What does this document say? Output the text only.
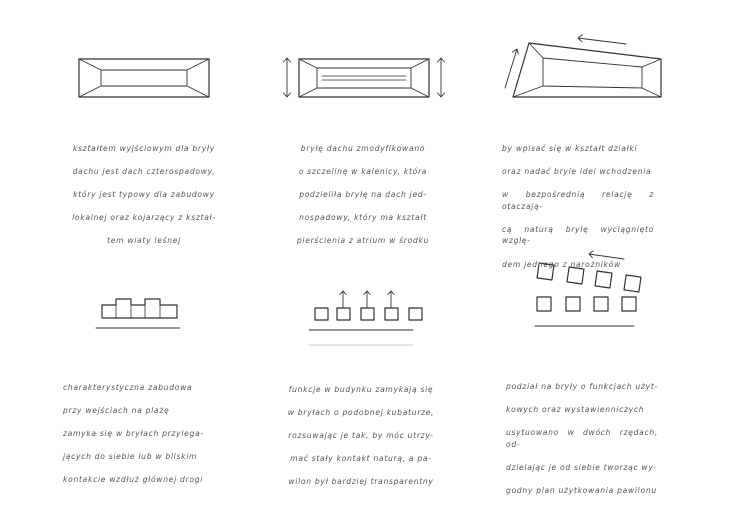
kształtem wyjściowym dla bryły

dachu jest dach czterospadowy,

który jest typowy dla zabudowy

lokalnej oraz kojarzący z kształ-

tem wiaty leśnej

bryłę dachu zmodyfikowano

o szczelinę w kalenicy, która

podzieliła bryłę na dach jed-

nospadowy, który ma kształt

pierścienia z atrium w środku

by wpisać się w kształt działki

oraz nadać bryle idei wchodzenia

w bezpośrednią relację z otaczają-

cą naturą bryłę wyciągnięto wzglę-

dem jednego z narożników

charakterystyczna zabudowa

przy wejściach na plażę

zamyka się w bryłach przylega-

jących do siebie lub w bliskim

kontakcie wzdłuż głównej drogi

funkcje w budynku zamykają się

w bryłach o podobnej kubaturze,

rozsuwając je tak, by móc utrzy-

mać stały kontakt naturą, a pa-

wilon był bardziej transparentny

podział na bryły o funkcjach użyt-

kowych oraz wystawienniczych

usytuowano w dwóch rzędach, od-

dzielając je od siebie tworząc wy-

godny plan użytkowania pawilonu
